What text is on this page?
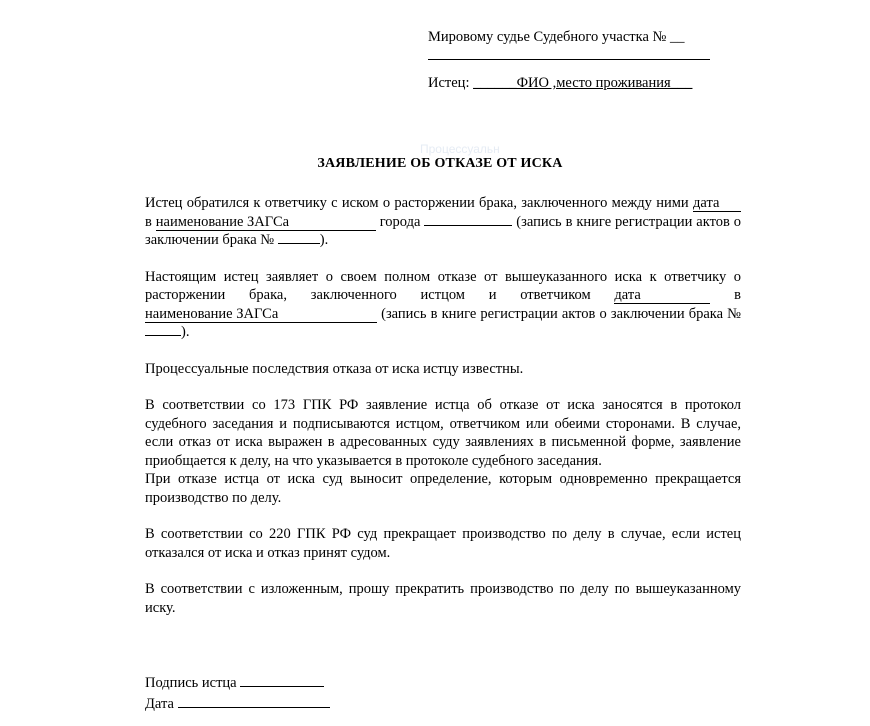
Процессуальн
Мировому судье Судебного участка № __
Истец: ______ФИО ,место проживания___
ЗАЯВЛЕНИЕ ОБ ОТКАЗЕ ОТ ИСКА

Истец обратился к ответчику с иском о расторжении брака, заключенного между ними дата в наименование ЗАГСа	города	(запись в книге регистрации актов о заключении брака №	).

Настоящим истец заявляет о своем полном отказе от вышеуказанного иска к ответчику о расторжении брака, заключенного истцом и ответчиком дата	в наименование ЗАГСа	(запись в книге регистрации актов о заключении брака № ).

Процессуальные последствия отказа от иска истцу известны.

В соответствии со 173 ГПК РФ заявление истца об отказе от иска заносятся в протокол судебного заседания и подписываются истцом, ответчиком или обеими сторонами. В случае, если отказ от иска выражен в адресованных суду заявлениях в письменной форме, заявление приобщается к делу, на что указывается в протоколе судебного заседания.

При отказе истца от иска суд выносит определение, которым одновременно прекращается производство по делу.

В соответствии со 220 ГПК РФ суд прекращает производство по делу в случае, если истец отказался от иска и отказ принят судом.

В соответствии с изложенным, прошу прекратить производство по делу по вышеуказанному иску.

Подпись истца
Дата
